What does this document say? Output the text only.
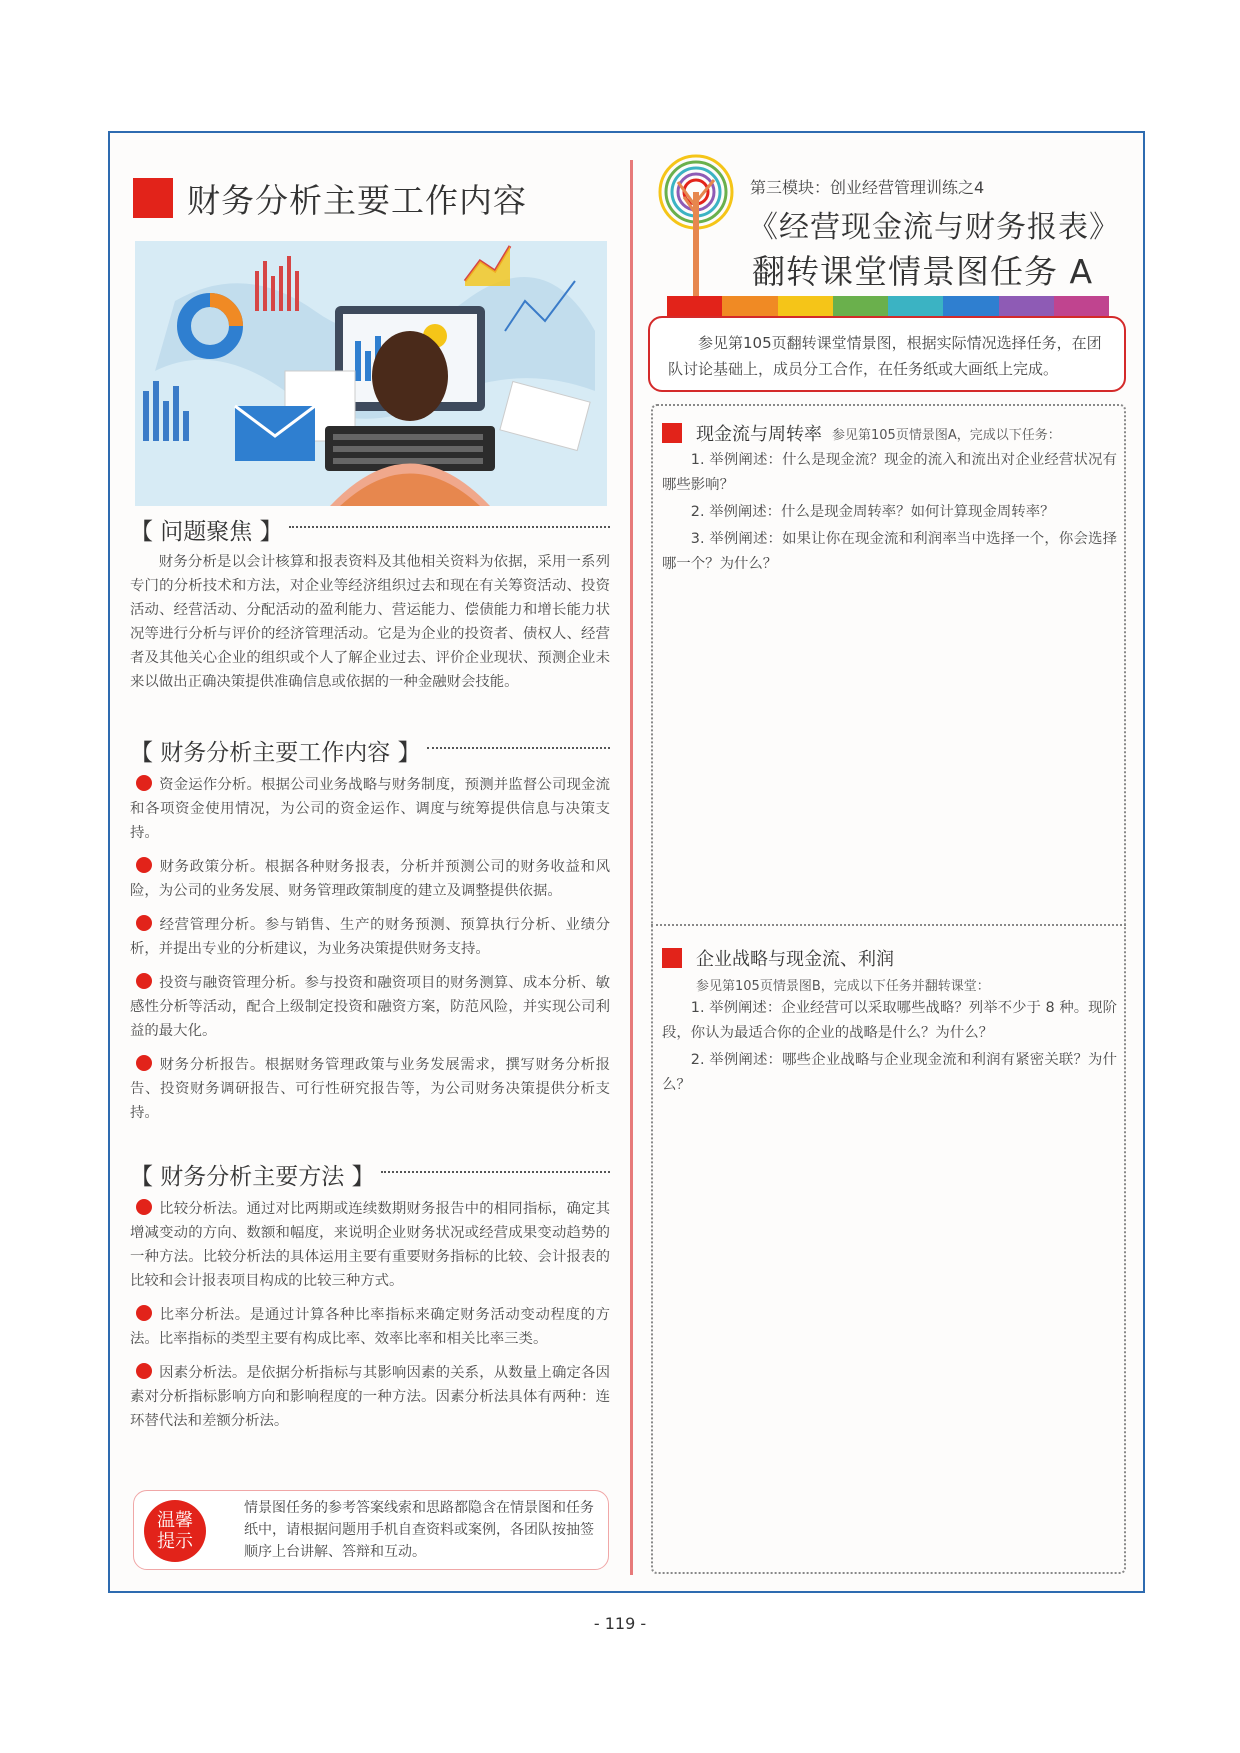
财务分析主要工作内容
【 问题聚焦 】

财务分析是以会计核算和报表资料及其他相关资料为依据，采用一系列专门的分析技术和方法，对企业等经济组织过去和现在有关筹资活动、投资活动、经营活动、分配活动的盈利能力、营运能力、偿债能力和增长能力状况等进行分析与评价的经济管理活动。它是为企业的投资者、债权人、经营者及其他关心企业的组织或个人了解企业过去、评价企业现状、预测企业未来以做出正确决策提供准确信息或依据的一种金融财会技能。

【 财务分析主要工作内容 】

资金运作分析。根据公司业务战略与财务制度，预测并监督公司现金流和各项资金使用情况，为公司的资金运作、调度与统筹提供信息与决策支持。

财务政策分析。根据各种财务报表，分析并预测公司的财务收益和风险，为公司的业务发展、财务管理政策制度的建立及调整提供依据。

经营管理分析。参与销售、生产的财务预测、预算执行分析、业绩分析，并提出专业的分析建议，为业务决策提供财务支持。

投资与融资管理分析。参与投资和融资项目的财务测算、成本分析、敏感性分析等活动，配合上级制定投资和融资方案，防范风险，并实现公司利益的最大化。

财务分析报告。根据财务管理政策与业务发展需求，撰写财务分析报告、投资财务调研报告、可行性研究报告等，为公司财务决策提供分析支持。

【 财务分析主要方法 】

比较分析法。通过对比两期或连续数期财务报告中的相同指标，确定其增减变动的方向、数额和幅度，来说明企业财务状况或经营成果变动趋势的一种方法。比较分析法的具体运用主要有重要财务指标的比较、会计报表的比较和会计报表项目构成的比较三种方式。

比率分析法。是通过计算各种比率指标来确定财务活动变动程度的方法。比率指标的类型主要有构成比率、效率比率和相关比率三类。

因素分析法。是依据分析指标与其影响因素的关系，从数量上确定各因素对分析指标影响方向和影响程度的一种方法。因素分析法具体有两种：连环替代法和差额分析法。

温馨
提示
情景图任务的参考答案线索和思路都隐含在情景图和任务纸中，请根据问题用手机自查资料或案例，各团队按抽签顺序上台讲解、答辩和互动。
第三模块：创业经营管理训练之4
《经营现金流与财务报表》
翻转课堂情景图任务 A

参见第105页翻转课堂情景图，根据实际情况选择任务，在团队讨论基础上，成员分工合作，在任务纸或大画纸上完成。

现金流与周转率 参见第105页情景图A，完成以下任务：

1. 举例阐述：什么是现金流？现金的流入和流出对企业经营状况有哪些影响？

2. 举例阐述：什么是现金周转率？如何计算现金周转率？

3. 举例阐述：如果让你在现金流和利润率当中选择一个，你会选择哪一个？为什么？

企业战略与现金流、利润
参见第105页情景图B，完成以下任务并翻转课堂：

1. 举例阐述：企业经营可以采取哪些战略？列举不少于 8 种。现阶段，你认为最适合你的企业的战略是什么？为什么？

2. 举例阐述：哪些企业战略与企业现金流和利润有紧密关联？为什么？

- 119 -
